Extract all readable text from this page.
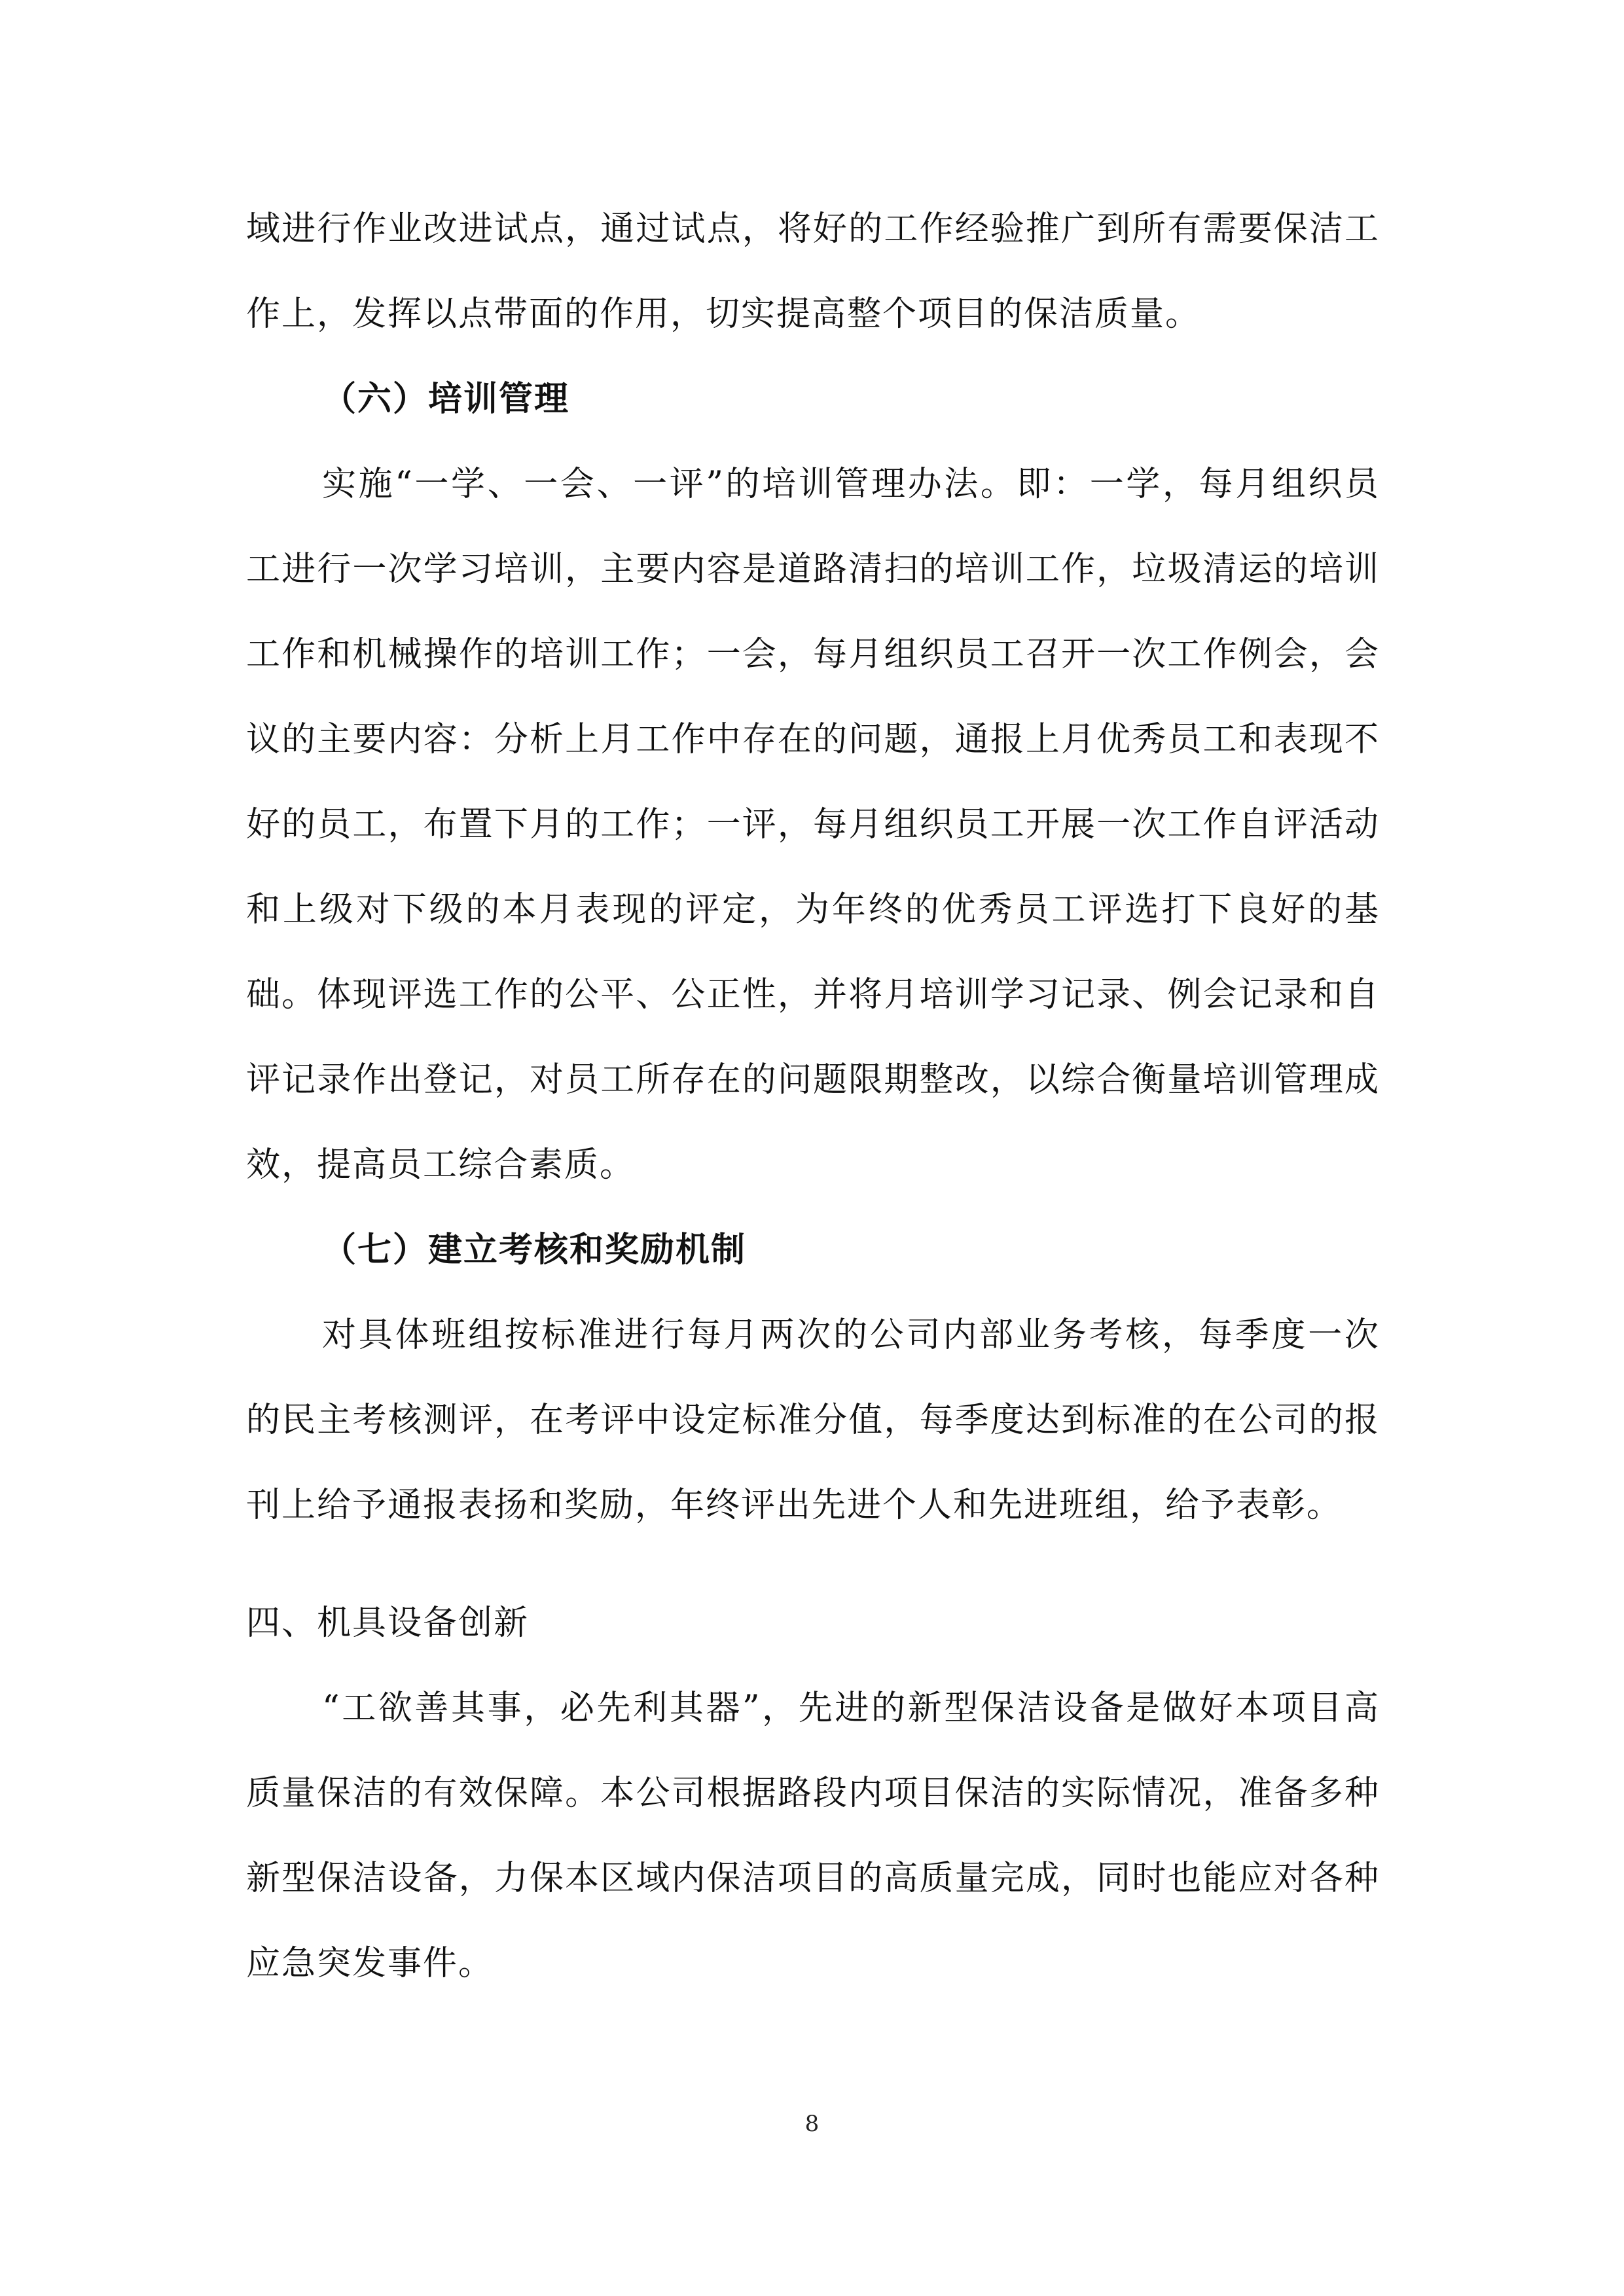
域进行作业改进试点，通过试点，将好的工作经验推广到所有需要保洁工作上，发挥以点带面的作用，切实提高整个项目的保洁质量。

（六）培训管理

实施“一学、一会、一评”的培训管理办法。即：一学，每月组织员工进行一次学习培训，主要内容是道路清扫的培训工作，垃圾清运的培训工作和机械操作的培训工作；一会，每月组织员工召开一次工作例会，会议的主要内容：分析上月工作中存在的问题，通报上月优秀员工和表现不好的员工，布置下月的工作；一评，每月组织员工开展一次工作自评活动和上级对下级的本月表现的评定，为年终的优秀员工评选打下良好的基础。体现评选工作的公平、公正性，并将月培训学习记录、例会记录和自评记录作出登记，对员工所存在的问题限期整改，以综合衡量培训管理成效，提高员工综合素质。

（七）建立考核和奖励机制

对具体班组按标准进行每月两次的公司内部业务考核，每季度一次的民主考核测评，在考评中设定标准分值，每季度达到标准的在公司的报刊上给予通报表扬和奖励，年终评出先进个人和先进班组，给予表彰。

四、机具设备创新

“工欲善其事，必先利其器”，先进的新型保洁设备是做好本项目高质量保洁的有效保障。本公司根据路段内项目保洁的实际情况，准备多种新型保洁设备，力保本区域内保洁项目的高质量完成，同时也能应对各种应急突发事件。

8
